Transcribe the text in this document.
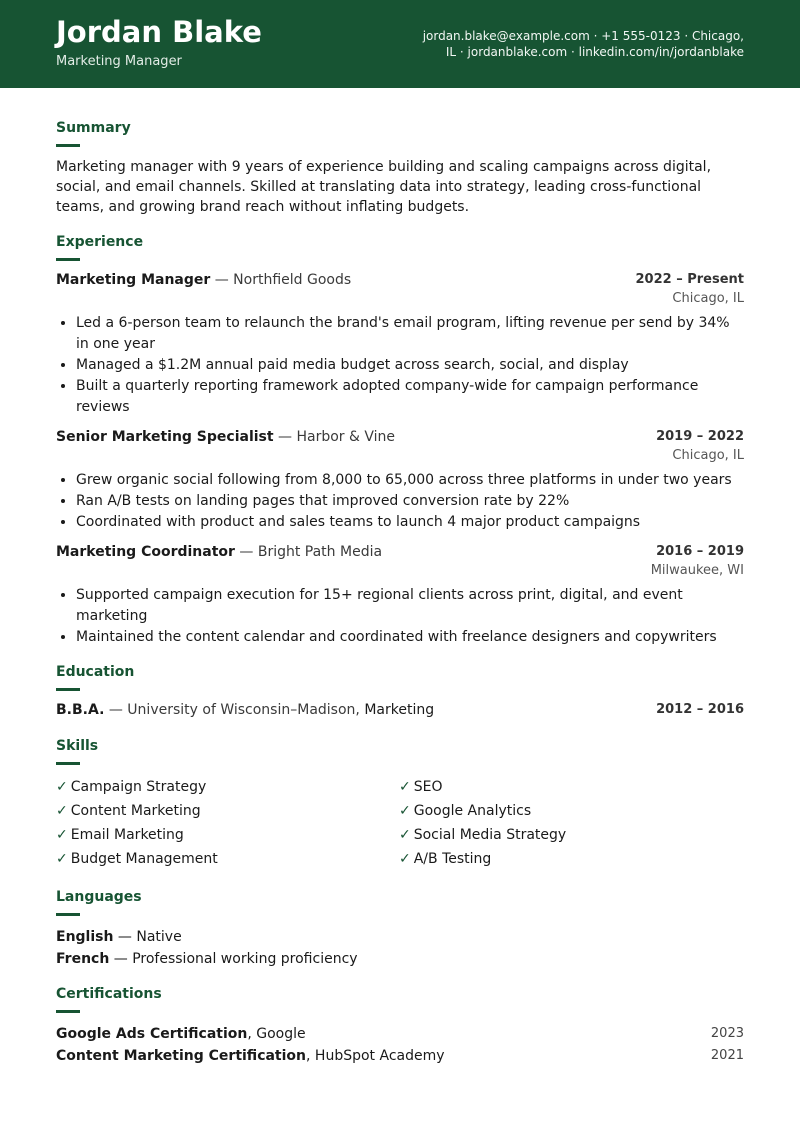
Jordan Blake
Marketing Manager
jordan.blake@example.com · +1 555-0123 · Chicago,
IL · jordanblake.com · linkedin.com/in/jordanblake
Summary

Marketing manager with 9 years of experience building and scaling campaigns across digital, social, and email channels. Skilled at translating data into strategy, leading cross-functional teams, and growing brand reach without inflating budgets.

Experience
Marketing Manager — Northfield Goods	2022 – Present
Chicago, IL
• Led a 6-person team to relaunch the brand's email program, lifting revenue per send by 34% in one year
• Managed a $1.2M annual paid media budget across search, social, and display
• Built a quarterly reporting framework adopted company-wide for campaign performance reviews
Senior Marketing Specialist — Harbor & Vine	2019 – 2022
Chicago, IL
• Grew organic social following from 8,000 to 65,000 across three platforms in under two years
• Ran A/B tests on landing pages that improved conversion rate by 22%
• Coordinated with product and sales teams to launch 4 major product campaigns
Marketing Coordinator — Bright Path Media	2016 – 2019
Milwaukee, WI
• Supported campaign execution for 15+ regional clients across print, digital, and event marketing
• Maintained the content calendar and coordinated with freelance designers and copywriters
Education
B.B.A. — University of Wisconsin–Madison, Marketing	2012 – 2016
Skills
✓ Campaign Strategy	✓ SEO
✓ Content Marketing	✓ Google Analytics
✓ Email Marketing	✓ Social Media Strategy
✓ Budget Management	✓ A/B Testing
Languages
English — Native
French — Professional working proficiency
Certifications
Google Ads Certification, Google	2023
Content Marketing Certification, HubSpot Academy	2021
